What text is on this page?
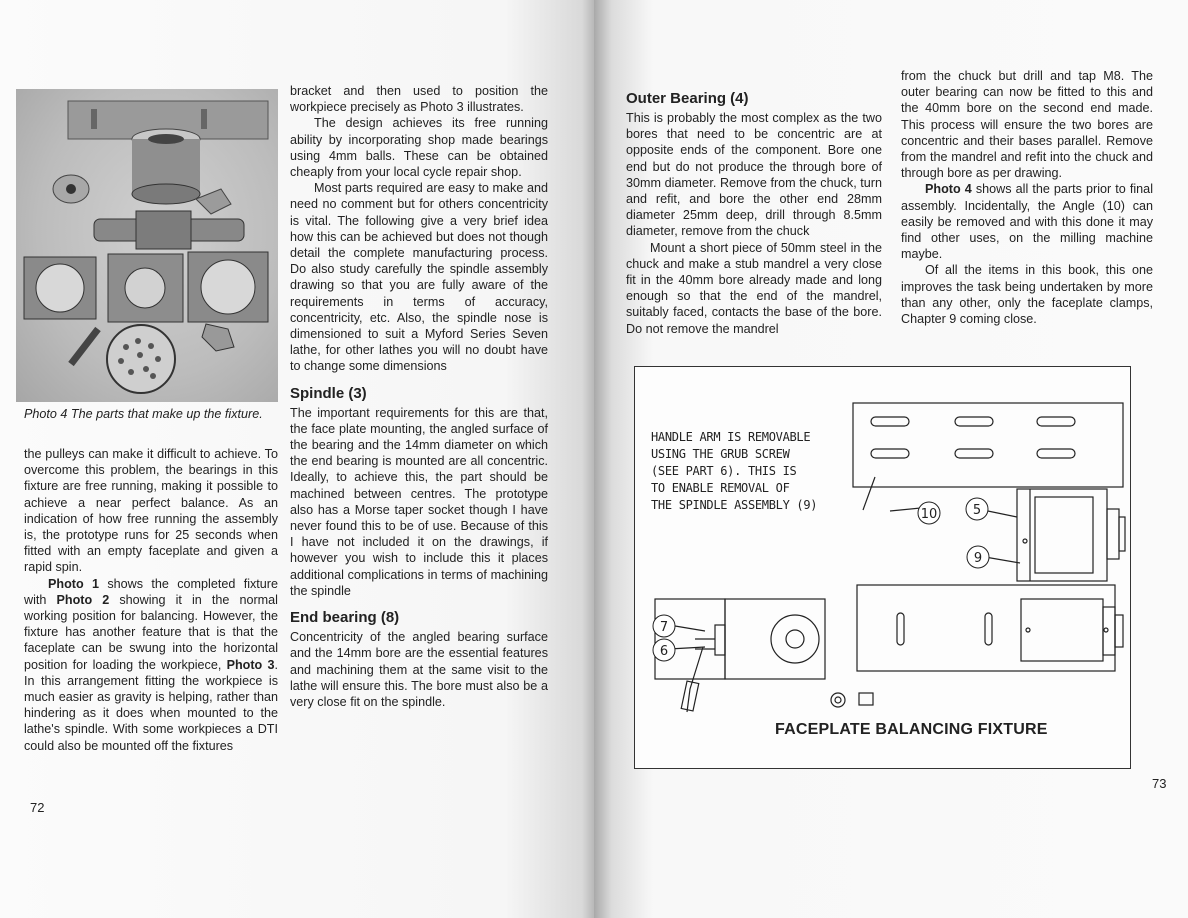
Photo 4 The parts that make up the fixture.

the pulleys can make it difficult to achieve. To overcome this problem, the bearings in this fixture are free running, making it possible to achieve a near perfect balance. As an indication of how free running the assembly is, the prototype runs for 25 seconds when fitted with an empty faceplate and given a rapid spin.

Photo 1 shows the completed fixture with Photo 2 showing it in the normal working position for balancing. However, the fixture has another feature that is that the faceplate can be swung into the horizontal position for loading the workpiece, Photo 3. In this arrangement fitting the workpiece is much easier as gravity is helping, rather than hindering as it does when mounted to the lathe's spindle. With some workpieces a DTI could also be mounted off the fixtures

bracket and then used to position the workpiece precisely as Photo 3 illustrates.

The design achieves its free running ability by incorporating shop made bearings using 4mm balls. These can be obtained cheaply from your local cycle repair shop.

Most parts required are easy to make and need no comment but for others concentricity is vital. The following give a very brief idea how this can be achieved but does not though detail the complete manufacturing process. Do also study carefully the spindle assembly drawing so that you are fully aware of the requirements in terms of accuracy, concentricity, etc. Also, the spindle nose is dimensioned to suit a Myford Series Seven lathe, for other lathes you will no doubt have to change some dimensions

Spindle (3)

The important requirements for this are that, the face plate mounting, the angled surface of the bearing and the 14mm diameter on which the end bearing is mounted are all concentric. Ideally, to achieve this, the part should be machined between centres. The prototype also has a Morse taper socket though I have never found this to be of use. Because of this I have not included it on the drawings, if however you wish to include this it places additional complications in terms of machining the spindle

End bearing (8)

Concentricity of the angled bearing surface and the 14mm bore are the essential features and machining them at the same visit to the lathe will ensure this. The bore must also be a very close fit on the spindle.

72
Outer Bearing (4)

This is probably the most complex as the two bores that need to be concentric are at opposite ends of the component. Bore one end but do not produce the through bore of 30mm diameter. Remove from the chuck, turn and refit, and bore the other end 28mm diameter 25mm deep, drill through 8.5mm diameter, remove from the chuck

Mount a short piece of 50mm steel in the chuck and make a stub mandrel a very close fit in the 40mm bore already made and long enough so that the end of the mandrel, suitably faced, contacts the base of the bore. Do not remove the mandrel

from the chuck but drill and tap M8. The outer bearing can now be fitted to this and the 40mm bore on the second end made. This process will ensure the two bores are concentric and their bases parallel. Remove from the mandrel and refit into the chuck and through bore as per drawing.

Photo 4 shows all the parts prior to final assembly. Incidentally, the Angle (10) can easily be removed and with this done it may find other uses, on the milling machine maybe.

Of all the items in this book, this one improves the task being undertaken by more than any other, only the faceplate clamps, Chapter 9 coming close.

73
HANDLE ARM IS REMOVABLE
USING THE GRUB SCREW
(SEE PART 6). THIS IS
TO ENABLE REMOVAL OF
THE SPINDLE ASSEMBLY (9)
10	5
9
7
6
FACEPLATE BALANCING FIXTURE
